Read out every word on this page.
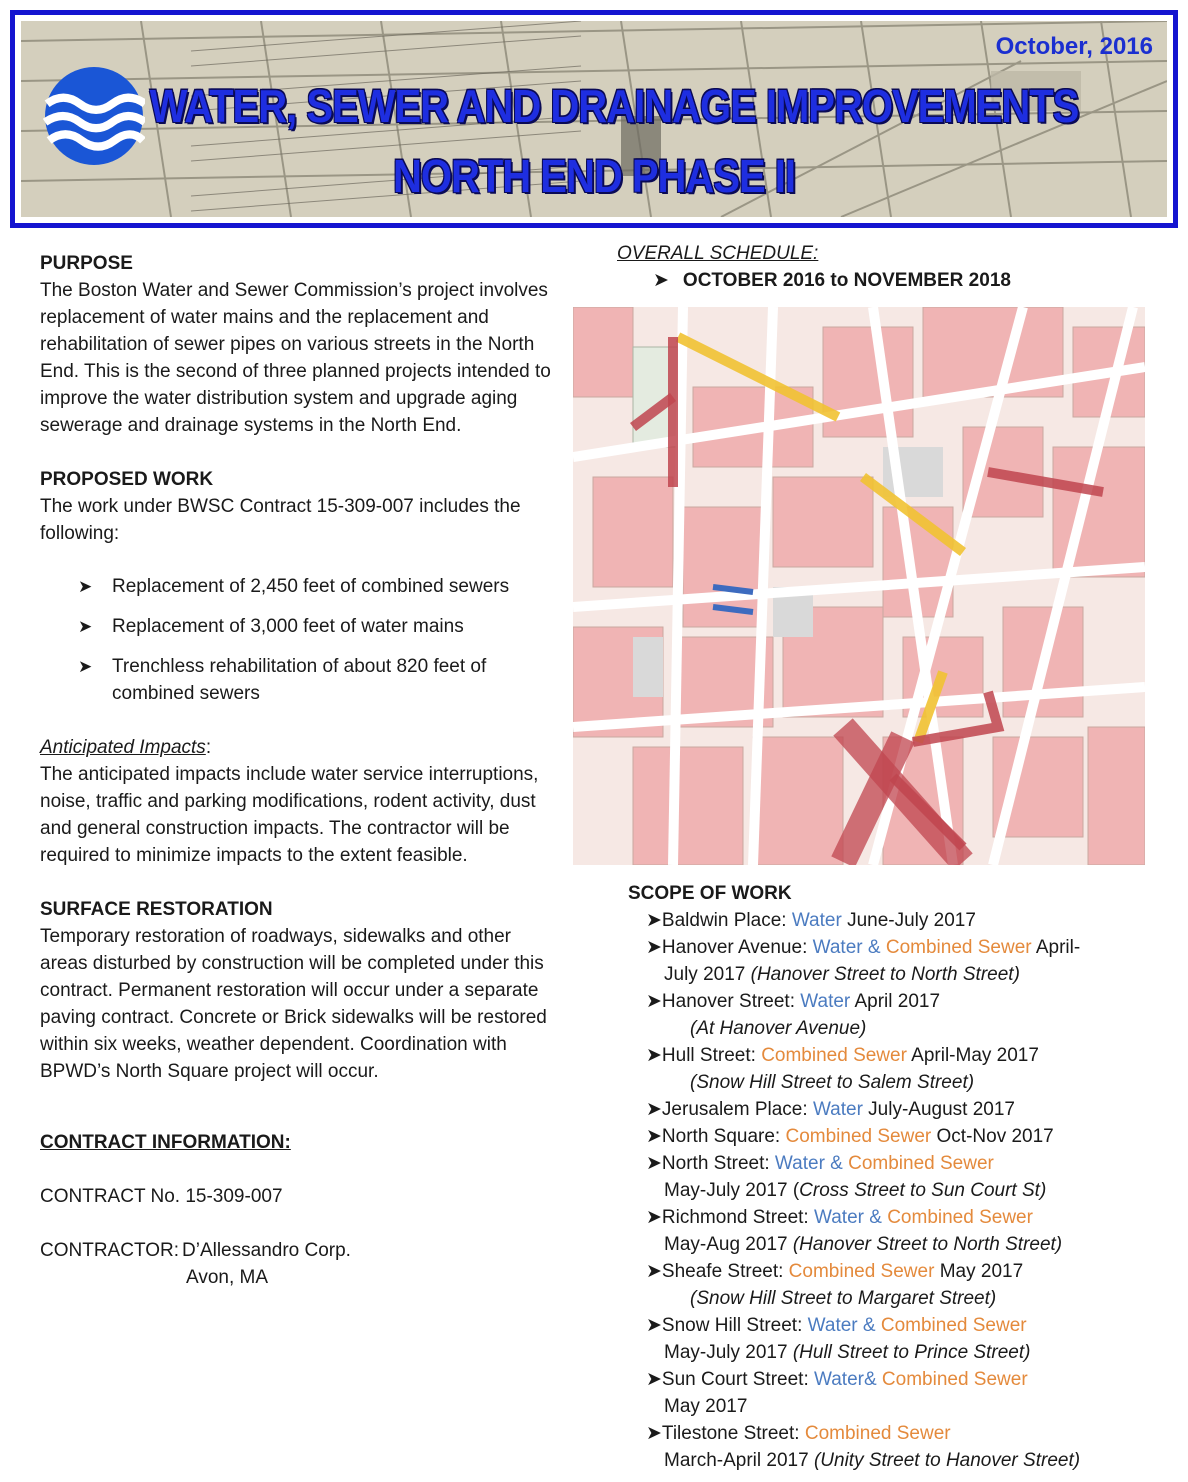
October, 2016
WATER, SEWER AND DRAINAGE IMPROVEMENTS
NORTH END PHASE II
PURPOSE
The Boston Water and Sewer Commission’s project involves replacement of water mains and the replacement and rehabilitation of sewer pipes on various streets in the North End. This is the second of three planned projects intended to improve the water distribution system and upgrade aging sewerage and drainage systems in the North End.
PROPOSED WORK
The work under BWSC Contract 15-309-007 includes the following:
➤	Replacement of 2,450 feet of combined sewers
➤	Replacement of 3,000 feet of water mains
➤	Trenchless rehabilitation of about 820 feet of combined sewers
Anticipated Impacts:
The anticipated impacts include water service interruptions, noise, traffic and parking modifications, rodent activity, dust and general construction impacts. The contractor will be required to minimize impacts to the extent feasible.
SURFACE RESTORATION
Temporary restoration of roadways, sidewalks and other areas disturbed by construction will be completed under this contract. Permanent restoration will occur under a separate paving contract. Concrete or Brick sidewalks will be restored within six weeks, weather dependent. Coordination with BPWD’s North Square project will occur.
CONTRACT INFORMATION:
CONTRACT No. 15-309-007
CONTRACTOR: D’Allessandro Corp.
Avon, MA
OVERALL SCHEDULE:
➤ OCTOBER 2016 to NOVEMBER 2018
SCOPE OF WORK
➤Baldwin Place: Water June-July 2017
➤Hanover Avenue: Water & Combined Sewer April-
July 2017 (Hanover Street to North Street)
➤Hanover Street: Water April 2017
(At Hanover Avenue)
➤Hull Street: Combined Sewer April-May 2017
(Snow Hill Street to Salem Street)
➤Jerusalem Place: Water July-August 2017
➤North Square: Combined Sewer Oct-Nov 2017
➤North Street: Water & Combined Sewer
May-July 2017 (Cross Street to Sun Court St)
➤Richmond Street: Water & Combined Sewer
May-Aug 2017 (Hanover Street to North Street)
➤Sheafe Street: Combined Sewer May 2017
(Snow Hill Street to Margaret Street)
➤Snow Hill Street: Water & Combined Sewer
May-July 2017 (Hull Street to Prince Street)
➤Sun Court Street: Water& Combined Sewer
May 2017
➤Tilestone Street: Combined Sewer
March-April 2017 (Unity Street to Hanover Street)
